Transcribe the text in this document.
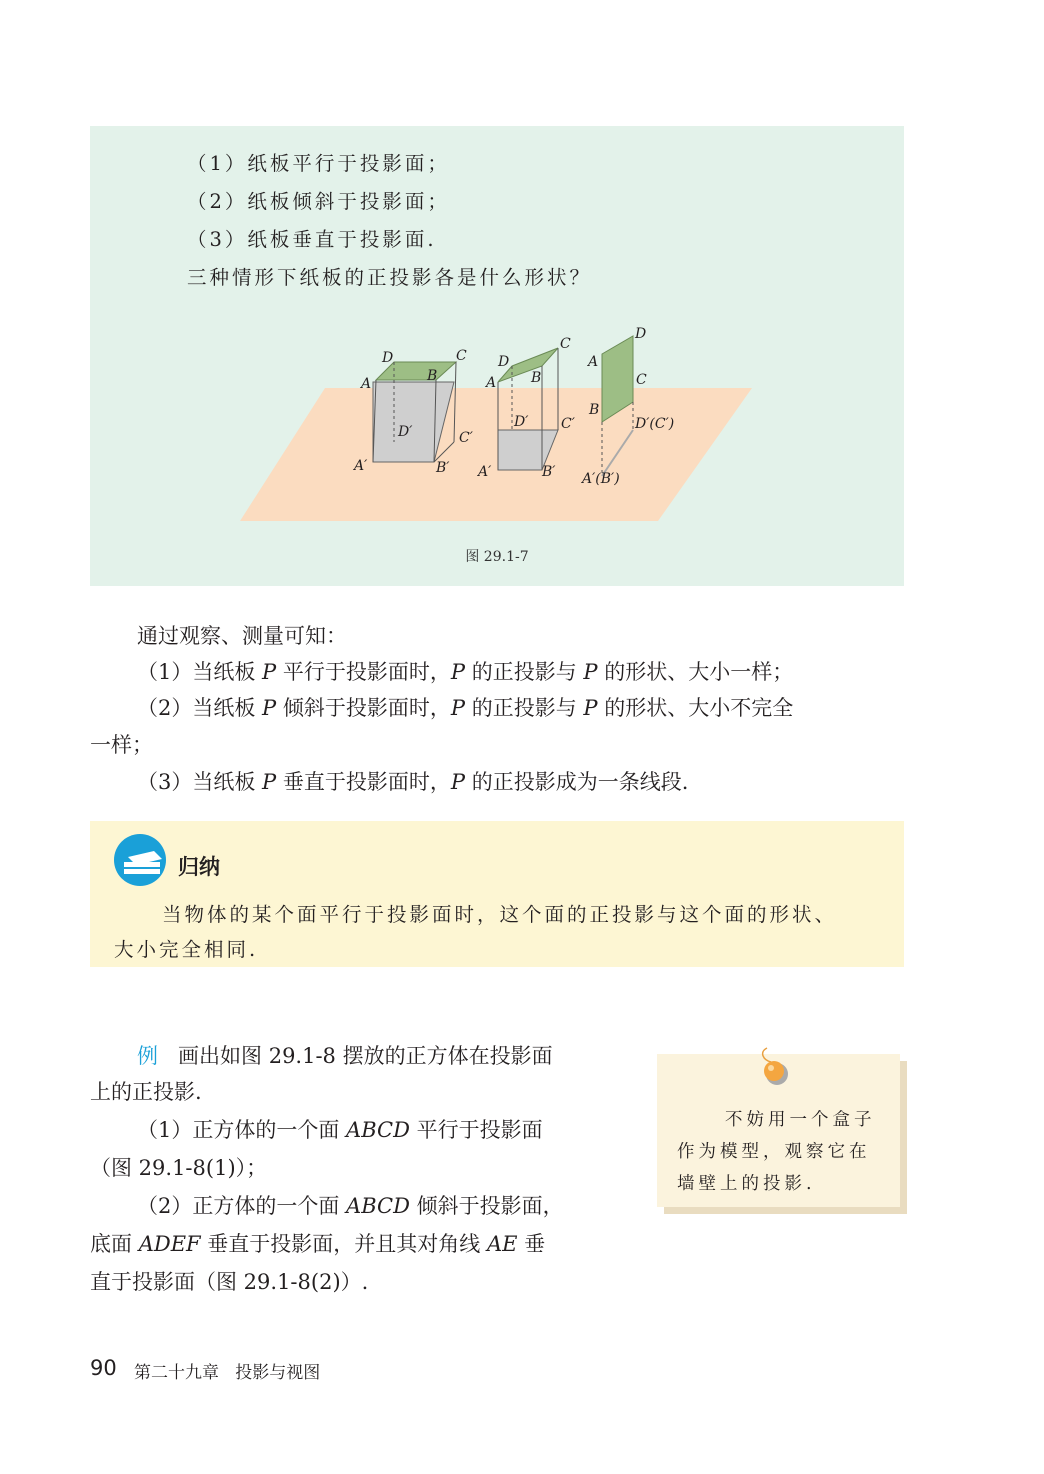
（1）纸板平行于投影面；
（2）纸板倾斜于投影面；
（3）纸板垂直于投影面.
三种情形下纸板的正投影各是什么形状？
D	C
A	B
D′	C′
A′	B′
D
C
A B
D′ C′
A′	B′
D
A
C
B
D′(C′)
A′(B′)
图 29.1-7
通过观察、测量可知：
（1）当纸板 P 平行于投影面时，P 的正投影与 P 的形状、大小一样；
（2）当纸板 P 倾斜于投影面时，P 的正投影与 P 的形状、大小不完全
一样；
（3）当纸板 P 垂直于投影面时，P 的正投影成为一条线段.
归纳
当物体的某个面平行于投影面时，这个面的正投影与这个面的形状、
大小完全相同.
例 画出如图 29.1-8 摆放的正方体在投影面
上的正投影.
（1）正方体的一个面 ABCD 平行于投影面
（图 29.1-8(1)）；
（2）正方体的一个面 ABCD 倾斜于投影面，
底面 ADEF 垂直于投影面，并且其对角线 AE 垂
直于投影面（图 29.1-8(2)）.
不妨用一个盒子
作为模型，观察它在
墙壁上的投影.
90 第二十九章   投影与视图
